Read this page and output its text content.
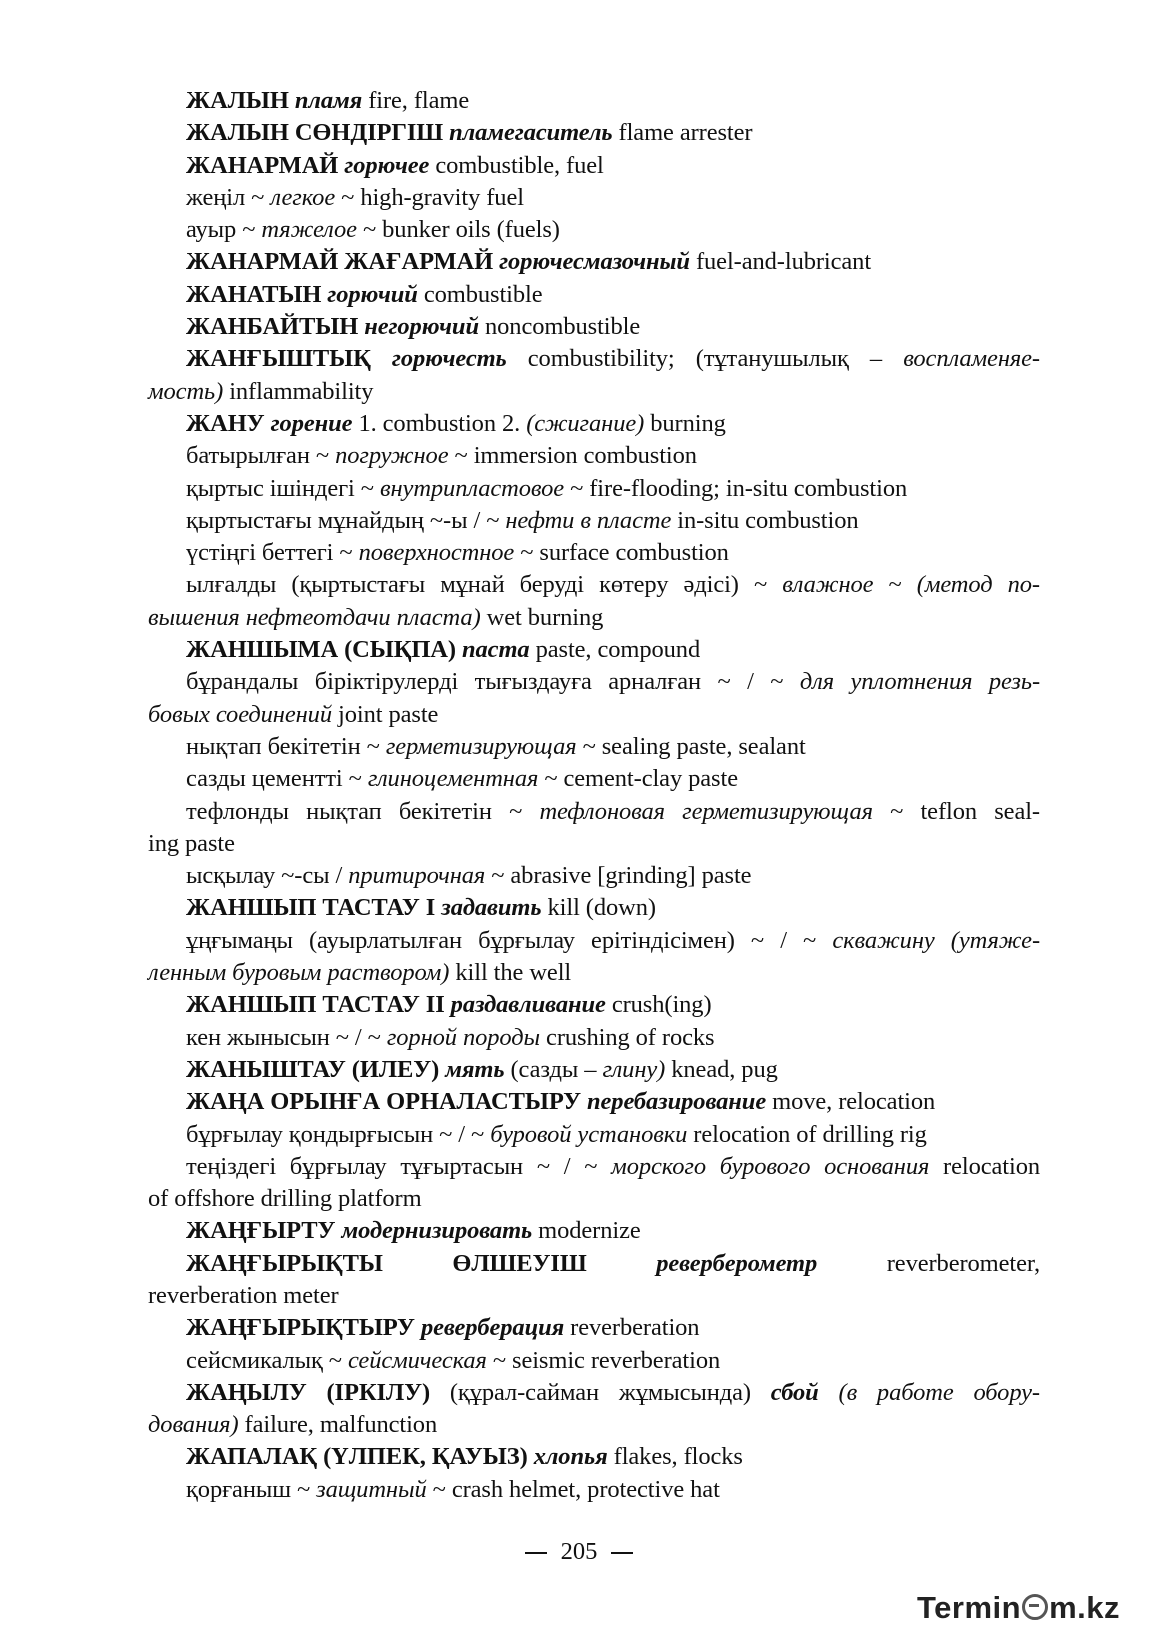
ЖАЛЫН пламя fire, flame
ЖАЛЫН СӨНДІРГІШ пламегаситель flame arrester
ЖАНАРМАЙ горючее combustible, fuel
жеңіл ~ легкое ~ high-gravity fuel
ауыр ~ тяжелое ~ bunker oils (fuels)
ЖАНАРМАЙ ЖАҒАРМАЙ горючесмазочный fuel-and-lubricant
ЖАНАТЫН горючий combustible
ЖАНБАЙТЫН негорючий noncombustible
ЖАНҒЫШТЫҚ горючесть combustibility; (тұтанушылық – воспламеняе-
мость) inflammability
ЖАНУ горение 1. combustion 2. (сжигание) burning
батырылған ~ погружное ~ immersion combustion
қыртыс ішіндегі ~ внутрипластовое ~ fire-flooding; in-situ combustion
қыртыстағы мұнайдың ~-ы / ~ нефти в пласте in-situ combustion
үстіңгі беттегі ~ поверхностное ~ surface combustion
ылғалды (қыртыстағы мұнай беруді көтеру әдісі) ~ влажное ~ (метод по-
вышения нефтеотдачи пласта) wet burning
ЖАНШЫМА (СЫҚПА) паста paste, compound
бұрандалы біріктірулерді тығыздауға арналған ~ / ~ для уплотнения резь-
бовых соединений joint paste
нықтап бекітетін ~ герметизирующая ~ sealing paste, sealant
сазды цементті ~ глиноцементная ~ cement-clay paste
тефлонды нықтап бекітетін ~ тефлоновая герметизирующая ~ teflon seal-
ing paste
ысқылау ~-сы / притирочная ~ abrasive [grinding] paste
ЖАНШЫП ТАСТАУ I задавить kill (down)
ұңғымаңы (ауырлатылған бұрғылау ерітіндісімен) ~ / ~ скважину (утяже-
ленным буровым раствором) kill the well
ЖАНШЫП ТАСТАУ II раздавливание crush(ing)
кен жынысын ~ / ~ горной породы crushing of rocks
ЖАНЫШТАУ (ИЛЕУ) мять (сазды – глину) knead, pug
ЖАҢА ОРЫНҒА ОРНАЛАСТЫРУ перебазирование move, relocation
бұрғылау қондырғысын ~ / ~ буровой установки relocation of drilling rig
теңіздегі бұрғылау тұғыртасын ~ / ~ морского бурового основания relocation
of offshore drilling platform
ЖАҢҒЫРТУ модернизировать modernize
ЖАҢҒЫРЫҚТЫ ӨЛШЕУІШ реверберометр reverberometer,
reverberation meter
ЖАҢҒЫРЫҚТЫРУ реверберация reverberation
сейсмикалық ~ сейсмическая ~ seismic reverberation
ЖАҢЫЛУ (ІРКІЛУ) (құрал-сайман жұмысында) сбой (в работе обору-
дования) failure, malfunction
ЖАПАЛАҚ (ҮЛПЕК, ҚАУЫЗ) хлопья flakes, flocks
қорғаныш ~ защитный ~ crash helmet, protective hat
205
Termin m.kz
